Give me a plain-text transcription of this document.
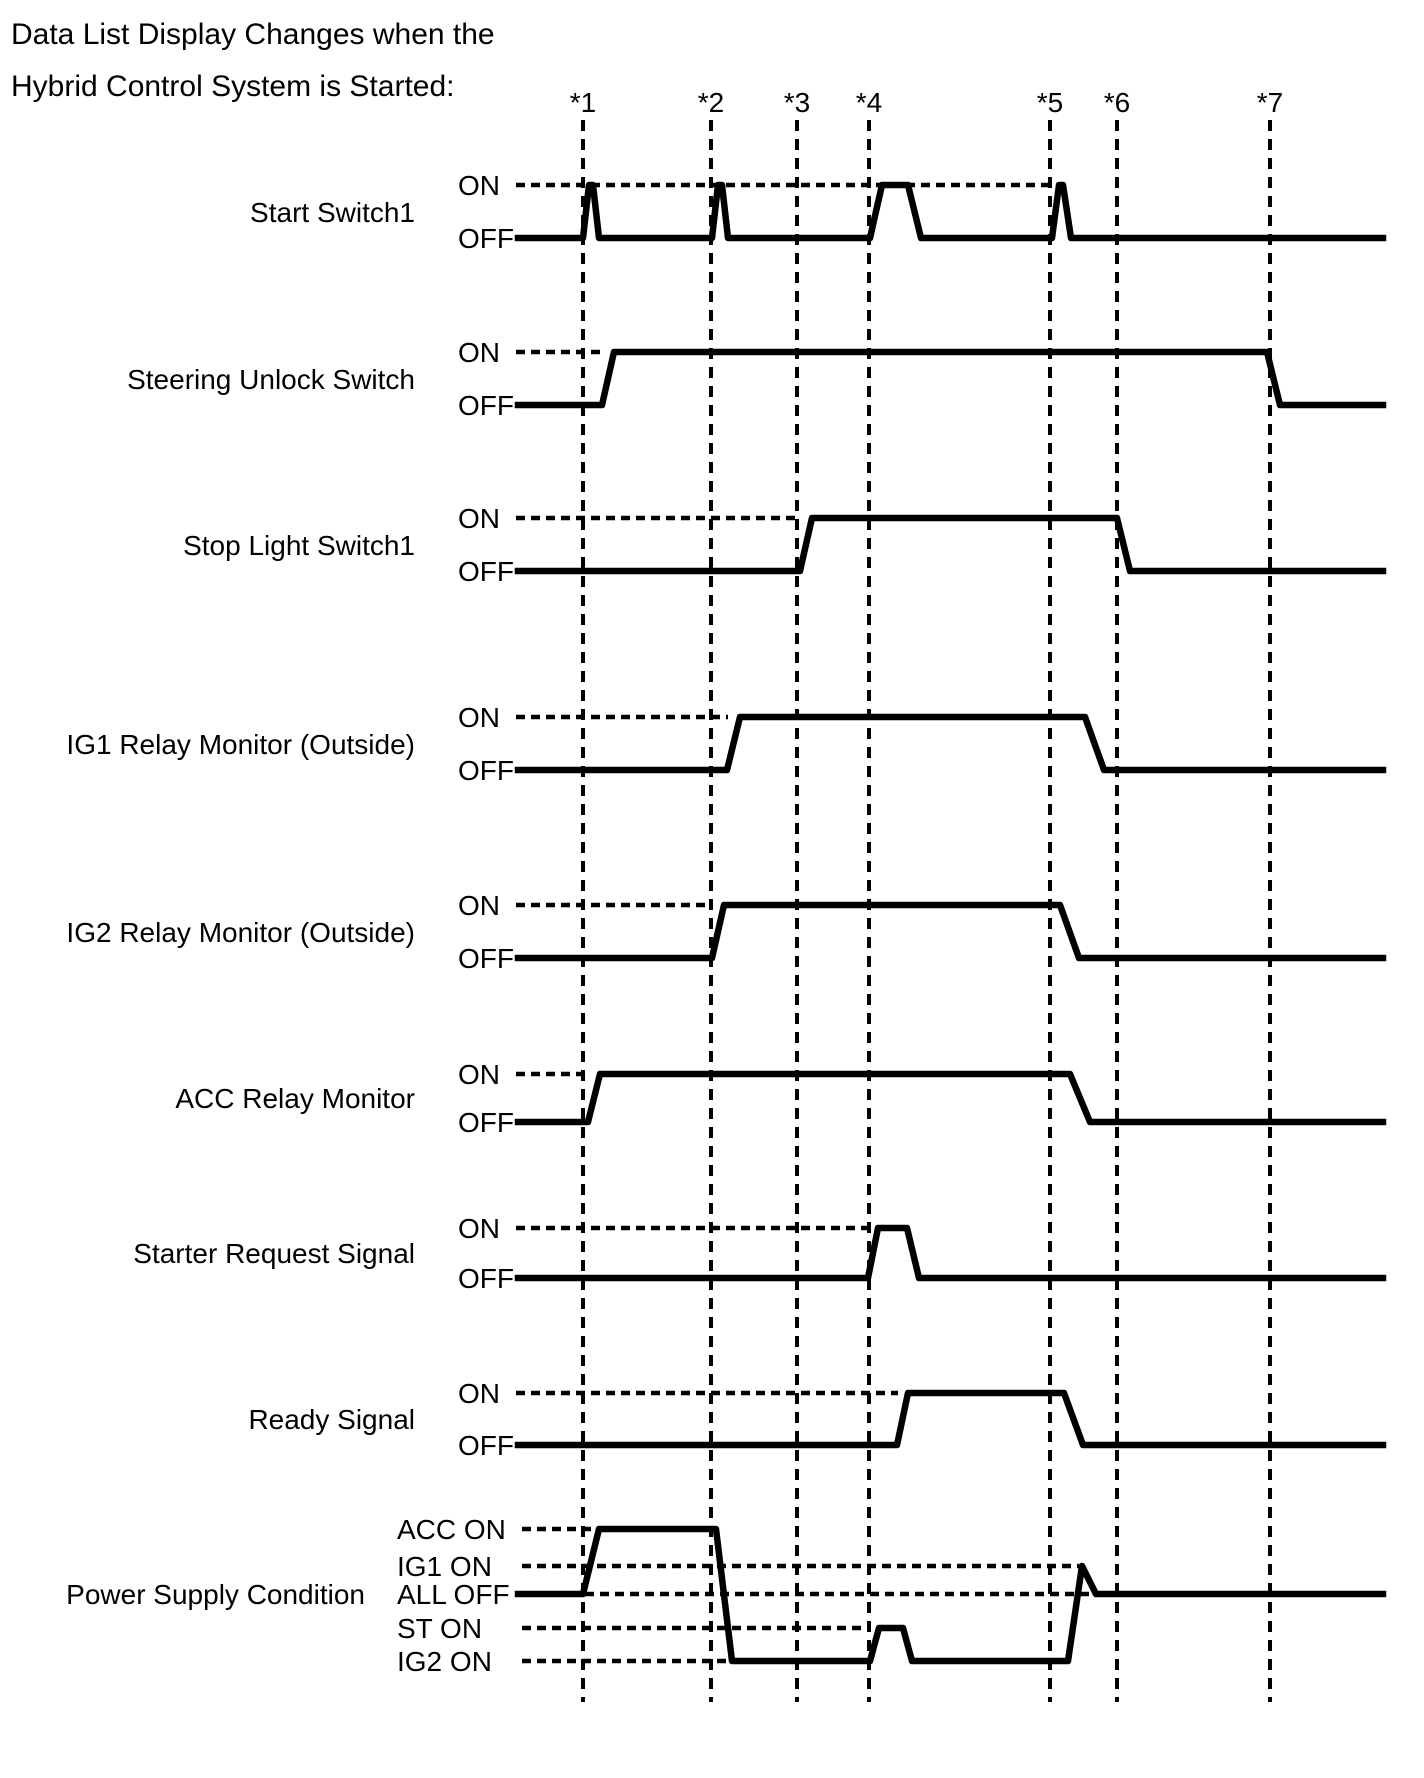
Data List Display Changes when the
Hybrid Control System is Started:	*1	*2 *3 *4	*5 *6	*7
Start Switch1
ON
OFF
Steering Unlock Switch
ON
OFF
Stop Light Switch1
ON
OFF
IG1 Relay Monitor (Outside)
ON
OFF
IG2 Relay Monitor (Outside)
ON
OFF
ACC Relay Monitor
ON
OFF
Starter Request Signal
ON
OFF
Ready Signal
ON
OFF
Power Supply Condition
ACC ON
IG1 ON
ALL OFF
ST ON
IG2 ON
